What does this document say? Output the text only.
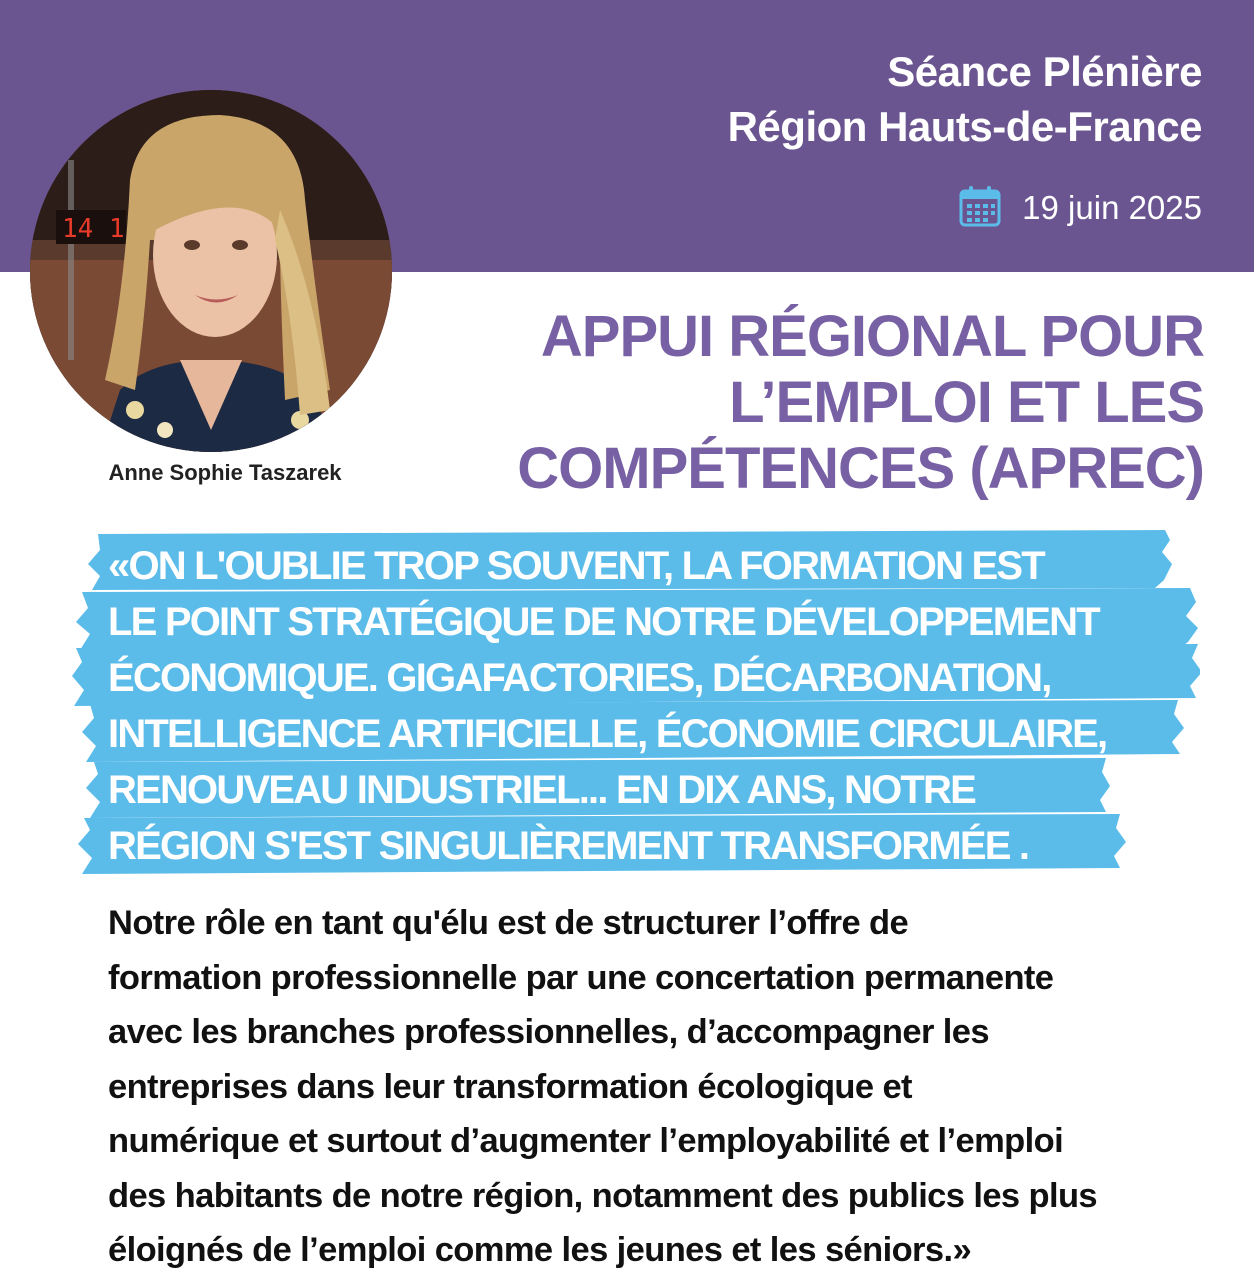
Séance Plénière
Région Hauts-de-France
19 juin 2025
14 1
Anne Sophie Taszarek
APPUI RÉGIONAL POUR
L’EMPLOI ET LES
COMPÉTENCES (APREC)
«ON L'OUBLIE TROP SOUVENT, LA FORMATION EST
LE POINT STRATÉGIQUE DE NOTRE DÉVELOPPEMENT
ÉCONOMIQUE. GIGAFACTORIES, DÉCARBONATION,
INTELLIGENCE ARTIFICIELLE, ÉCONOMIE CIRCULAIRE,
RENOUVEAU INDUSTRIEL... EN DIX ANS, NOTRE
RÉGION S'EST SINGULIÈREMENT TRANSFORMÉE .
Notre rôle en tant qu'élu est de structurer l’offre de
formation professionnelle par une concertation permanente
avec les branches professionnelles, d’accompagner les
entreprises dans leur transformation écologique et
numérique et surtout d’augmenter l’employabilité et l’emploi
des habitants de notre région, notamment des publics les plus
éloignés de l’emploi comme les jeunes et les séniors.»
